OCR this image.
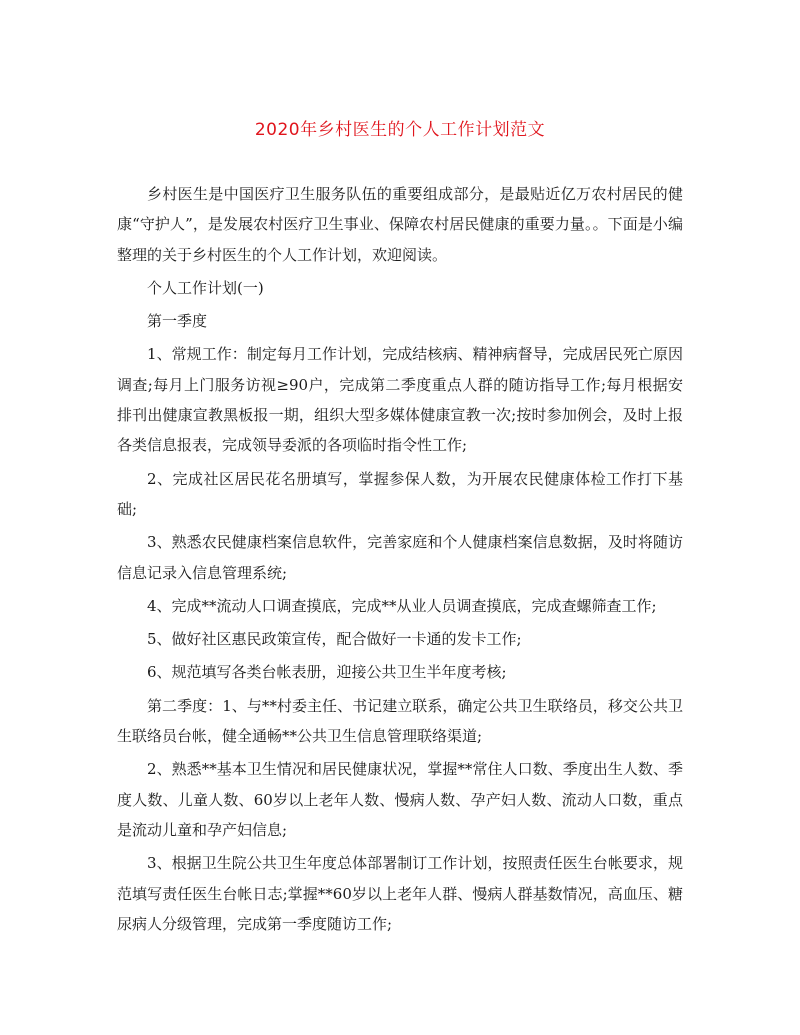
2020年乡村医生的个人工作计划范文

乡村医生是中国医疗卫生服务队伍的重要组成部分，是最贴近亿万农村居民的健康“守护人”，是发展农村医疗卫生事业、保障农村居民健康的重要力量。。下面是小编整理的关于乡村医生的个人工作计划，欢迎阅读。

个人工作计划(一)

第一季度

1、常规工作：制定每月工作计划，完成结核病、精神病督导，完成居民死亡原因调查;每月上门服务访视≥90户，完成第二季度重点人群的随访指导工作;每月根据安排刊出健康宣教黑板报一期，组织大型多媒体健康宣教一次;按时参加例会，及时上报各类信息报表，完成领导委派的各项临时指令性工作;

2、完成社区居民花名册填写，掌握参保人数，为开展农民健康体检工作打下基础;

3、熟悉农民健康档案信息软件，完善家庭和个人健康档案信息数据，及时将随访信息记录入信息管理系统;

4、完成**流动人口调查摸底，完成**从业人员调查摸底，完成查螺筛查工作;

5、做好社区惠民政策宣传，配合做好一卡通的发卡工作;

6、规范填写各类台帐表册，迎接公共卫生半年度考核;

第二季度：1、与**村委主任、书记建立联系，确定公共卫生联络员，移交公共卫生联络员台帐，健全通畅**公共卫生信息管理联络渠道;

2、熟悉**基本卫生情况和居民健康状况，掌握**常住人口数、季度出生人数、季度人数、儿童人数、60岁以上老年人数、慢病人数、孕产妇人数、流动人口数，重点是流动儿童和孕产妇信息;

3、根据卫生院公共卫生年度总体部署制订工作计划，按照责任医生台帐要求，规范填写责任医生台帐日志;掌握**60岁以上老年人群、慢病人群基数情况，高血压、糖尿病人分级管理，完成第一季度随访工作;
